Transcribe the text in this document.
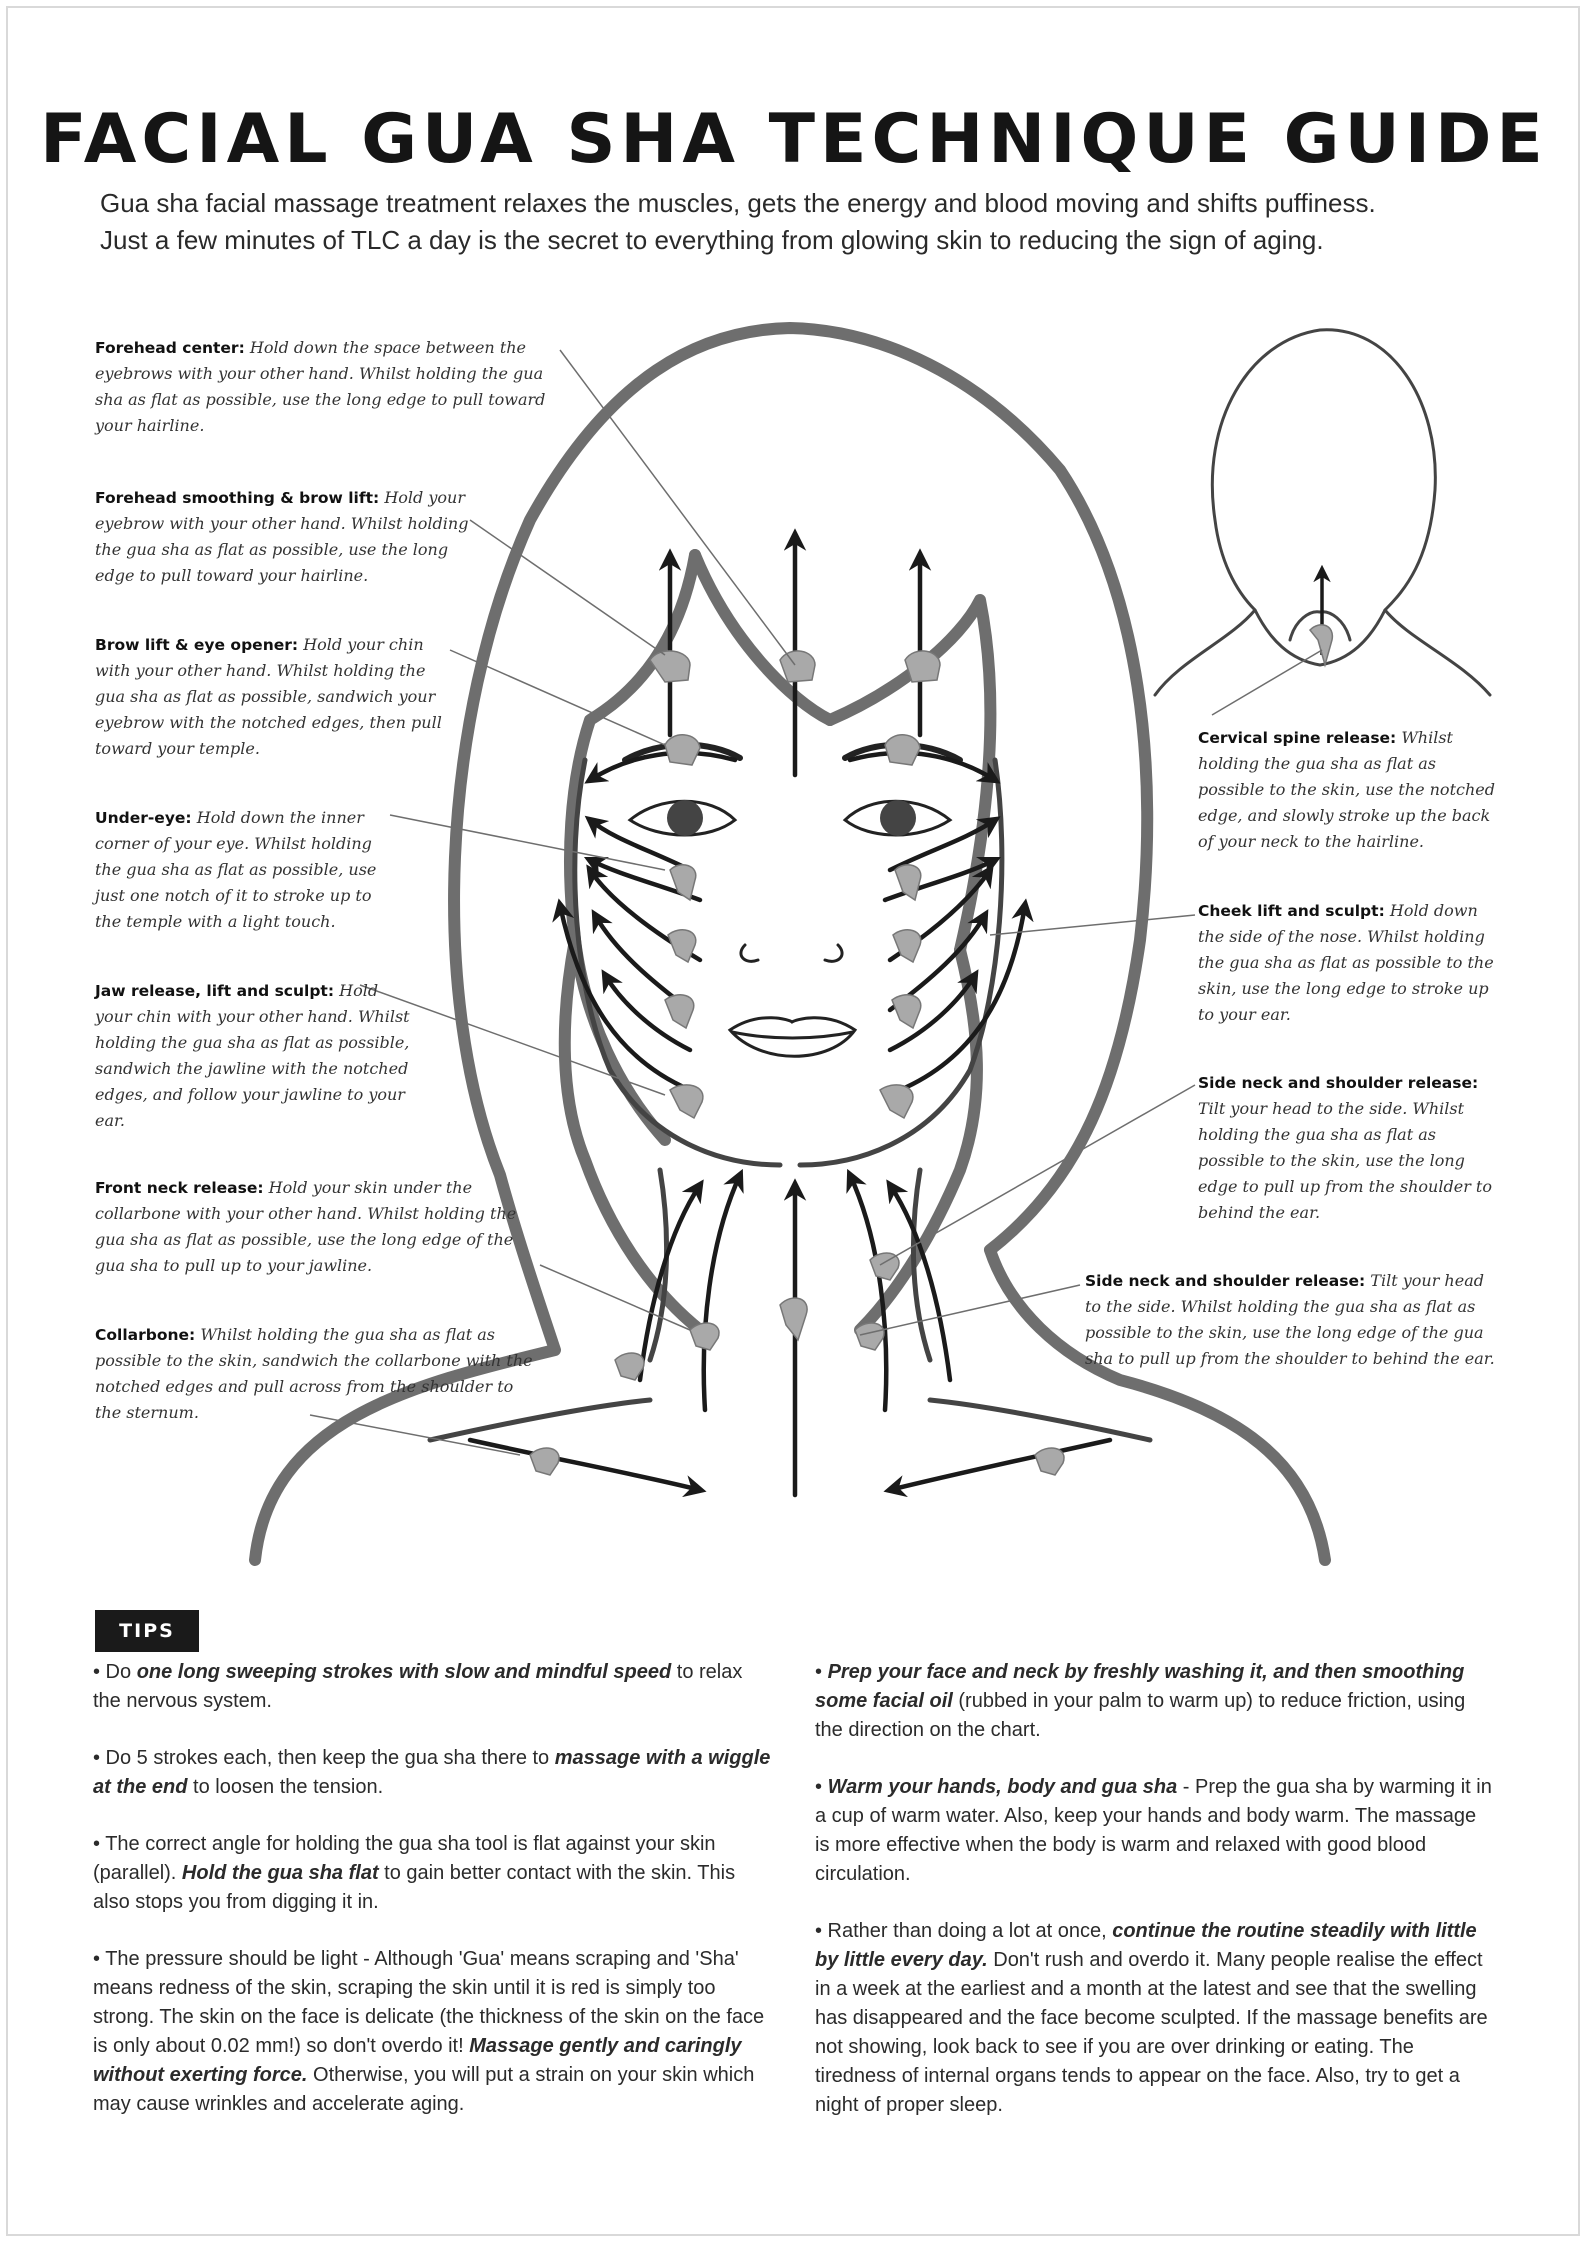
FACIAL GUA SHA TECHNIQUE GUIDE
Gua sha facial massage treatment relaxes the muscles, gets the energy and blood moving and shifts puffiness.
Just a few minutes of TLC a day is the secret to everything from glowing skin to reducing the sign of aging.
Forehead center: Hold down the space between the eyebrows with your other hand. Whilst holding the gua sha as flat as possible, use the long edge to pull toward your hairline.
Forehead smoothing & brow lift: Hold your eyebrow with your other hand. Whilst holding the gua sha as flat as possible, use the long edge to pull toward your hairline.
Brow lift & eye opener: Hold your chin with your other hand. Whilst holding the gua sha as flat as possible, sandwich your eyebrow with the notched edges, then pull toward your temple.
Under-eye: Hold down the inner corner of your eye. Whilst holding the gua sha as flat as possible, use just one notch of it to stroke up to the temple with a light touch.
Jaw release, lift and sculpt: Hold your chin with your other hand. Whilst holding the gua sha as flat as possible, sandwich the jawline with the notched edges, and follow your jawline to your ear.
Front neck release: Hold your skin under the collarbone with your other hand. Whilst holding the gua sha as flat as possible, use the long edge of the gua sha to pull up to your jawline.
Collarbone: Whilst holding the gua sha as flat as possible to the skin, sandwich the collarbone with the notched edges and pull across from the shoulder to the sternum.
Cervical spine release: Whilst holding the gua sha as flat as possible to the skin, use the notched edge, and slowly stroke up the back of your neck to the hairline.
Cheek lift and sculpt: Hold down the side of the nose. Whilst holding the gua sha as flat as possible to the skin, use the long edge to stroke up to your ear.
Side neck and shoulder release: Tilt your head to the side. Whilst holding the gua sha as flat as possible to the skin, use the long edge to pull up from the shoulder to behind the ear.
Side neck and shoulder release: Tilt your head to the side. Whilst holding the gua sha as flat as possible to the skin, use the long edge of the gua sha to pull up from the shoulder to behind the ear.
TIPS

• Do one long sweeping strokes with slow and mindful speed to relax the nervous system.

• Do 5 strokes each, then keep the gua sha there to massage with a wiggle at the end to loosen the tension.

• The correct angle for holding the gua sha tool is flat against your skin (parallel). Hold the gua sha flat to gain better contact with the skin. This also stops you from digging it in.

• The pressure should be light - Although 'Gua' means scraping and 'Sha' means redness of the skin, scraping the skin until it is red is simply too strong. The skin on the face is delicate (the thickness of the skin on the face is only about 0.02 mm!) so don't overdo it! Massage gently and caringly without exerting force. Otherwise, you will put a strain on your skin which may cause wrinkles and accelerate aging.

• Prep your face and neck by freshly washing it, and then smoothing some facial oil (rubbed in your palm to warm up) to reduce friction, using the direction on the chart.

• Warm your hands, body and gua sha - Prep the gua sha by warming it in a cup of warm water. Also, keep your hands and body warm. The massage is more effective when the body is warm and relaxed with good blood circulation.

• Rather than doing a lot at once, continue the routine steadily with little by little every day. Don't rush and overdo it. Many people realise the effect in a week at the earliest and a month at the latest and see that the swelling has disappeared and the face become sculpted. If the massage benefits are not showing, look back to see if you are over drinking or eating. The tiredness of internal organs tends to appear on the face. Also, try to get a night of proper sleep.
